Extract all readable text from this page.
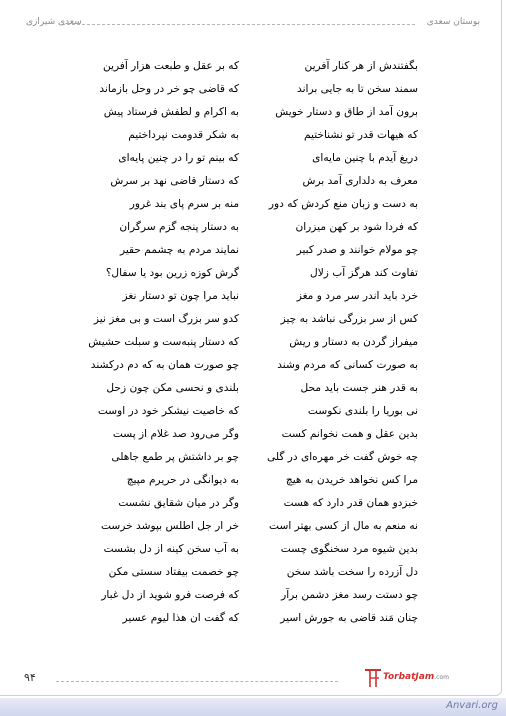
بوستان سعدی
سعدی شیرازی
بگفتندش از هر کنار آفرین
که بر عقل و طبعت هزار آفرین
سمند سخن تا به جایی براند
که قاضی چو خر در وحل بازماند
برون آمد از طاق و دستار خویش
به اکرام و لطفش فرستاد پیش
که هیهات قدر تو نشناختیم
به شکر قدومت نپرداختیم
دریغ آیدم با چنین مایه‌ای
که بینم تو را در چنین پایه‌ای
معرف به دلداری آمد برش
که دستار قاضی نهد بر سرش
به دست و زبان منع کردش که دور
منه بر سرم پای بند غرور
که فردا شود بر کهن میزران
به دستار پنجه گزم سرگران
چو مولام خوانند و صدر کبیر
نمایند مردم به چشمم حقیر
تفاوت کند هرگز آب زلال
گرش کوزه زرین بود یا سفال؟
خرد باید اندر سر مرد و مغز
نباید مرا چون تو دستار نغز
کس از سر بزرگی نباشد به چیز
کدو سر بزرگ است و بی مغز نیز
میفراز گردن به دستار و ریش
که دستار پنبه‌ست و سبلت حشیش
به صورت کسانی که مردم وشند
چو صورت همان به که دم درکشند
به قدر هنر جست باید محل
بلندی و نحسی مکن چون زحل
نی بوریا را بلندی نکوست
که خاصیت نیشکر خود در اوست
بدین عقل و همت نخوانم کست
وگر می‌رود صد غلام از پست
چه خوش گفت خر مهره‌ای در گلی
چو بر داشتش پر طمع جاهلی
مرا کس نخواهد خریدن به هیچ
به دیوانگی در حریرم مپیچ
خبزدو همان قدر دارد که هست
وگر در میان شقایق نشست
نه منعم به مال از کسی بهتر است
خر ار جل اطلس بپوشد خرست
بدین شیوه مرد سخنگوی چست
به آب سخن کینه از دل بشست
دل آزرده را سخت باشد سخن
چو خصمت بیفتاد سستی مکن
چو دستت رسد مغز دشمن برآر
که فرصت فرو شوید از دل غبار
چنان مَند قاضی به جورش اسیر
که گفت ان هذا لیوم عسیر
۹۴	TorbatJam.com
Anvari.org
